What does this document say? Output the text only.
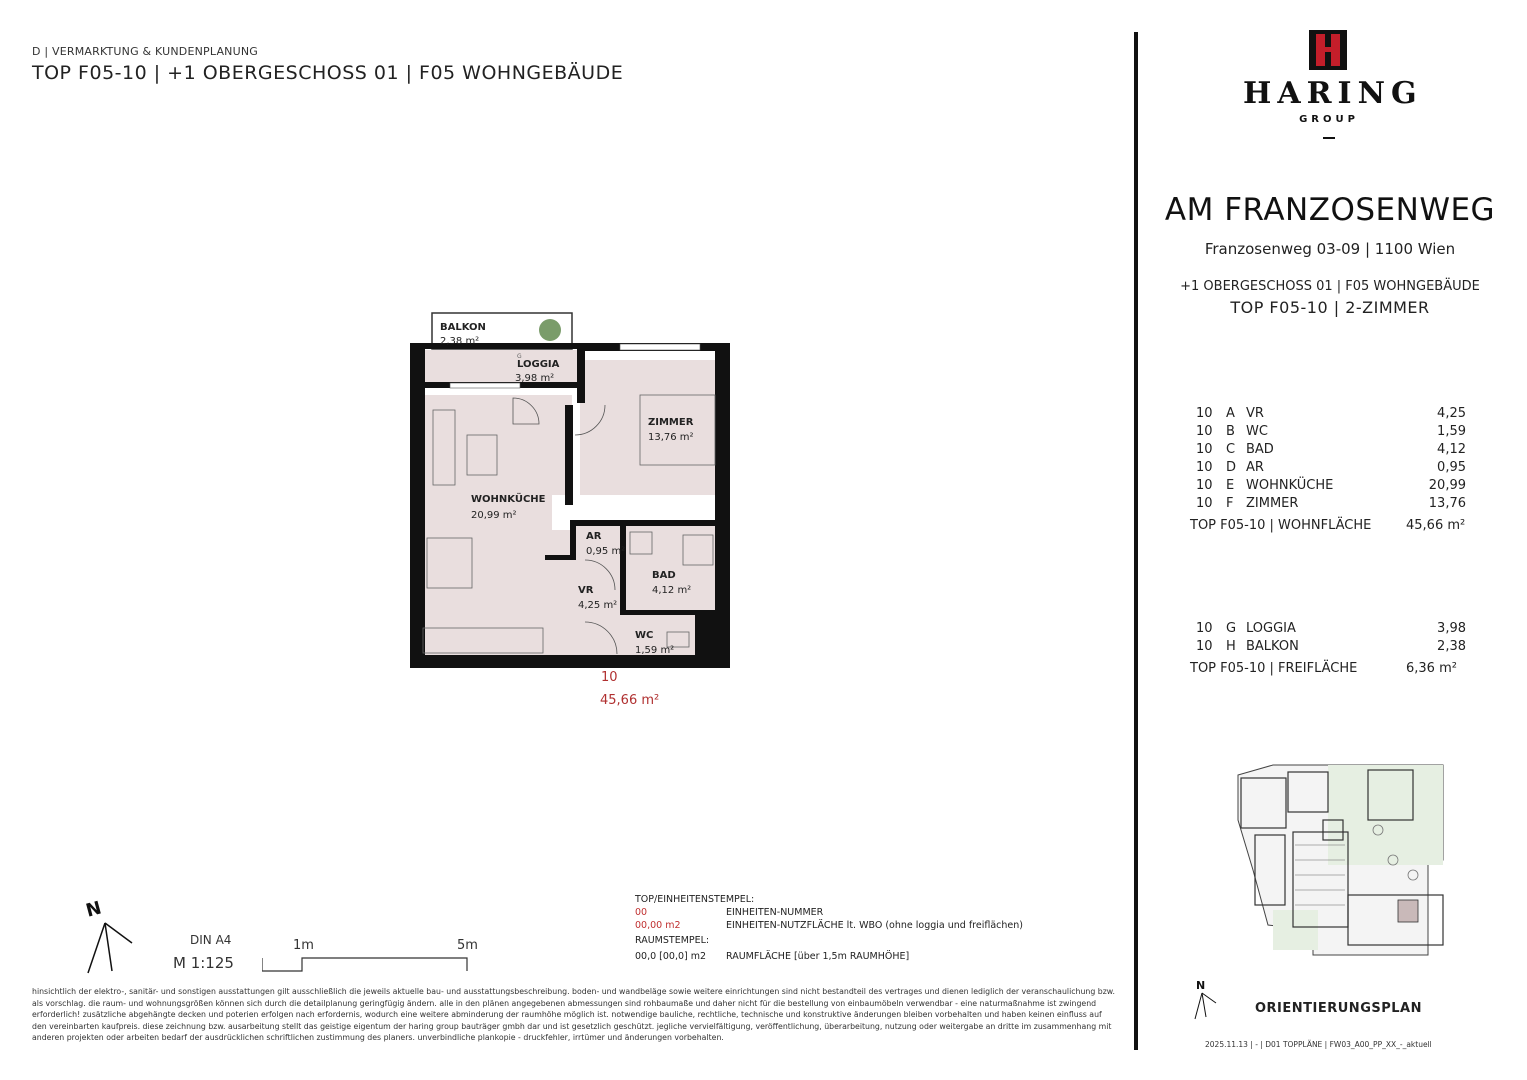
D | VERMARKTUNG & KUNDENPLANUNG
TOP F05-10 | +1 OBERGESCHOSS 01 | F05 WOHNGEBÄUDE
HARING
GROUP
AM FRANZOSENWEG
Franzosenweg 03-09 | 1100 Wien
+1 OBERGESCHOSS 01 | F05 WOHNGEBÄUDE
TOP F05-10 | 2-ZIMMER
10	A	VR	4,25
10	B	WC	1,59
10	C	BAD	4,12
10	D	AR	0,95
10	E	WOHNKÜCHE	20,99
10	F	ZIMMER	13,76
TOP F05-10 | WOHNFLÄCHE			45,66 m²
10	G	LOGGIA	3,98
10	H	BALKON	2,38
TOP F05-10 | FREIFLÄCHE			6,36 m²
BALKON
2,38 m²
G
LOGGIA
3,98 m²
ZIMMER
13,76 m²
WOHNKÜCHE
20,99 m²
AR
0,95 m²
VR
4,25 m²
BAD
4,12 m²
WC
1,59 m²
10
45,66 m²
TOP/EINHEITENSTEMPEL:
00	EINHEITEN-NUMMER
00,00 m2	EINHEITEN-NUTZFLÄCHE lt. WBO (ohne loggia und freiflächen)
RAUMSTEMPEL:
00,0 [00,0] m2	RAUMFLÄCHE [über 1,5m RAUMHÖHE]
N
DIN A4
M 1:125
1m	5m
hinsichtlich der elektro-, sanitär- und sonstigen ausstattungen gilt ausschließlich die jeweils aktuelle bau- und ausstattungsbeschreibung. boden- und wandbeläge sowie weitere einrichtungen sind nicht bestandteil des vertrages und dienen lediglich der veranschaulichung bzw. als vorschlag. die raum- und wohnungsgrößen können sich durch die detailplanung geringfügig ändern. alle in den plänen angegebenen abmessungen sind rohbaumaße und daher nicht für die bestellung von einbaumöbeln verwendbar - eine naturmaßnahme ist zwingend erforderlich! zusätzliche abgehängte decken und poterien erfolgen nach erfordernis, wodurch eine weitere abminderung der raumhöhe möglich ist. notwendige bauliche, rechtliche, technische und konstruktive änderungen bleiben vorbehalten und haben keinen einfluss auf den vereinbarten kaufpreis. diese zeichnung bzw. ausarbeitung stellt das geistige eigentum der haring group bauträger gmbh dar und ist gesetzlich geschützt. jegliche vervielfältigung, veröffentlichung, überarbeitung, nutzung oder weitergabe an dritte im zusammenhang mit anderen projekten oder arbeiten bedarf der ausdrücklichen schriftlichen zustimmung des planers. unverbindliche plankopie - druckfehler, irrtümer und änderungen vorbehalten.
N
ORIENTIERUNGSPLAN
2025.11.13 | - | D01 TOPPLÄNE | FW03_A00_PP_XX_-_aktuell
